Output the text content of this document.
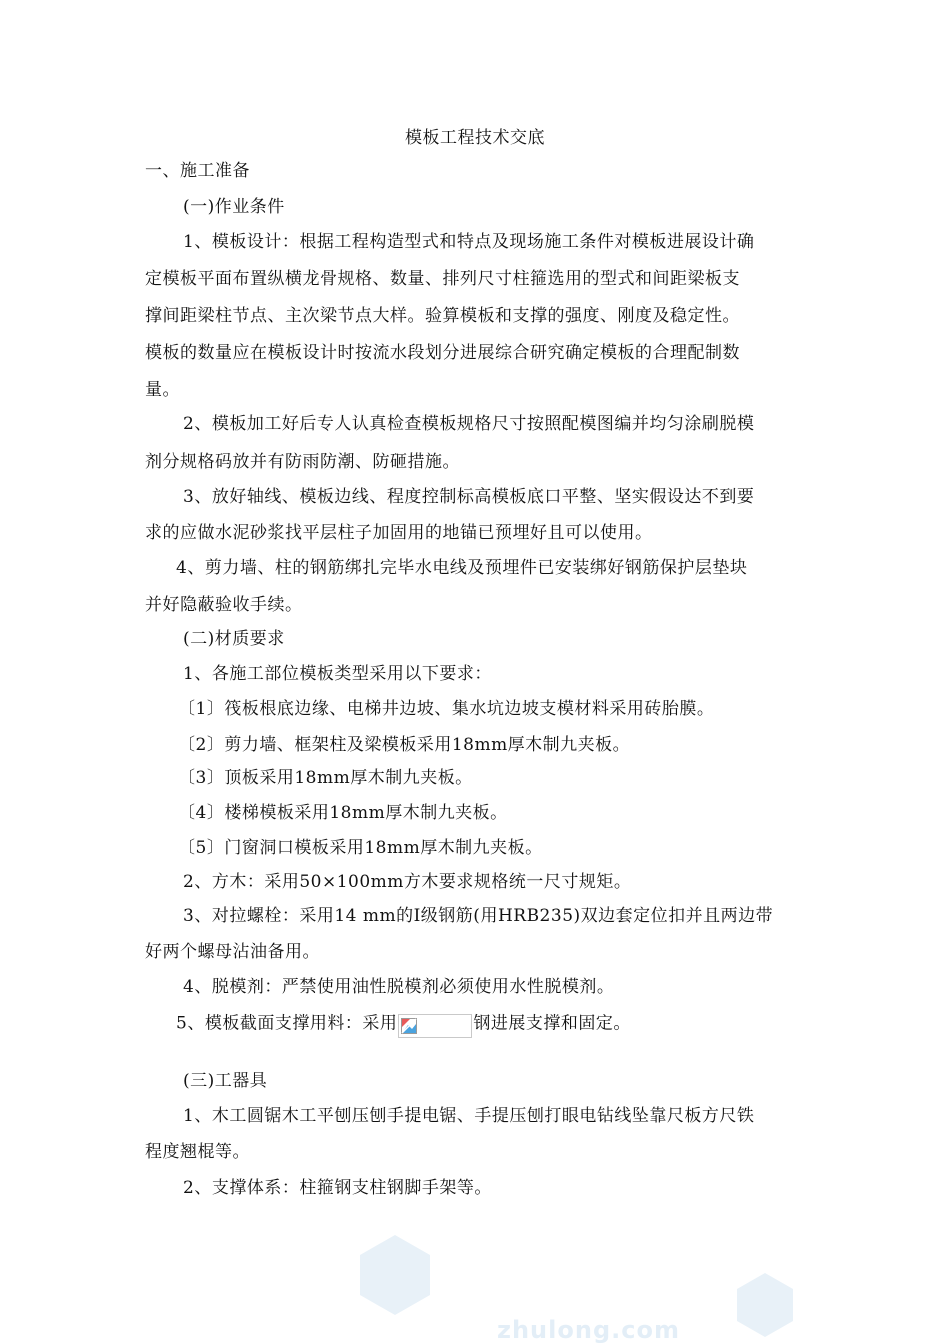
模板工程技术交底
一、施工准备
(一)作业条件
1、模板设计：根据工程构造型式和特点及现场施工条件对模板进展设计确
定模板平面布置纵横龙骨规格、数量、排列尺寸柱箍选用的型式和间距梁板支
撑间距梁柱节点、主次梁节点大样。验算模板和支撑的强度、刚度及稳定性。
模板的数量应在模板设计时按流水段划分进展综合研究确定模板的合理配制数
量。
2、模板加工好后专人认真检查模板规格尺寸按照配模图编并均匀涂刷脱模
剂分规格码放并有防雨防潮、防砸措施。
3、放好轴线、模板边线、程度控制标高模板底口平整、坚实假设达不到要
求的应做水泥砂浆找平层柱子加固用的地锚已预埋好且可以使用。
4、剪力墙、柱的钢筋绑扎完毕水电线及预埋件已安装绑好钢筋保护层垫块
并好隐蔽验收手续。
(二)材质要求
1、各施工部位模板类型采用以下要求：
〔1〕筏板根底边缘、电梯井边坡、集水坑边坡支模材料采用砖胎膜。
〔2〕剪力墙、框架柱及梁模板采用18mm厚木制九夹板。
〔3〕顶板采用18mm厚木制九夹板。
〔4〕楼梯模板采用18mm厚木制九夹板。
〔5〕门窗洞口模板采用18mm厚木制九夹板。
2、方木：采用50×100mm方木要求规格统一尺寸规矩。
3、对拉螺栓：采用14 mm的Ⅰ级钢筋(用HRB235)双边套定位扣并且两边带
好两个螺母沾油备用。
4、脱模剂：严禁使用油性脱模剂必须使用水性脱模剂。
5、模板截面支撑用料：采用	钢进展支撑和固定。
(三)工器具
1、木工圆锯木工平刨压刨手提电锯、手提压刨打眼电钻线坠靠尺板方尺铁
程度翘棍等。
2、支撑体系：柱箍钢支柱钢脚手架等。
zhulong.com
